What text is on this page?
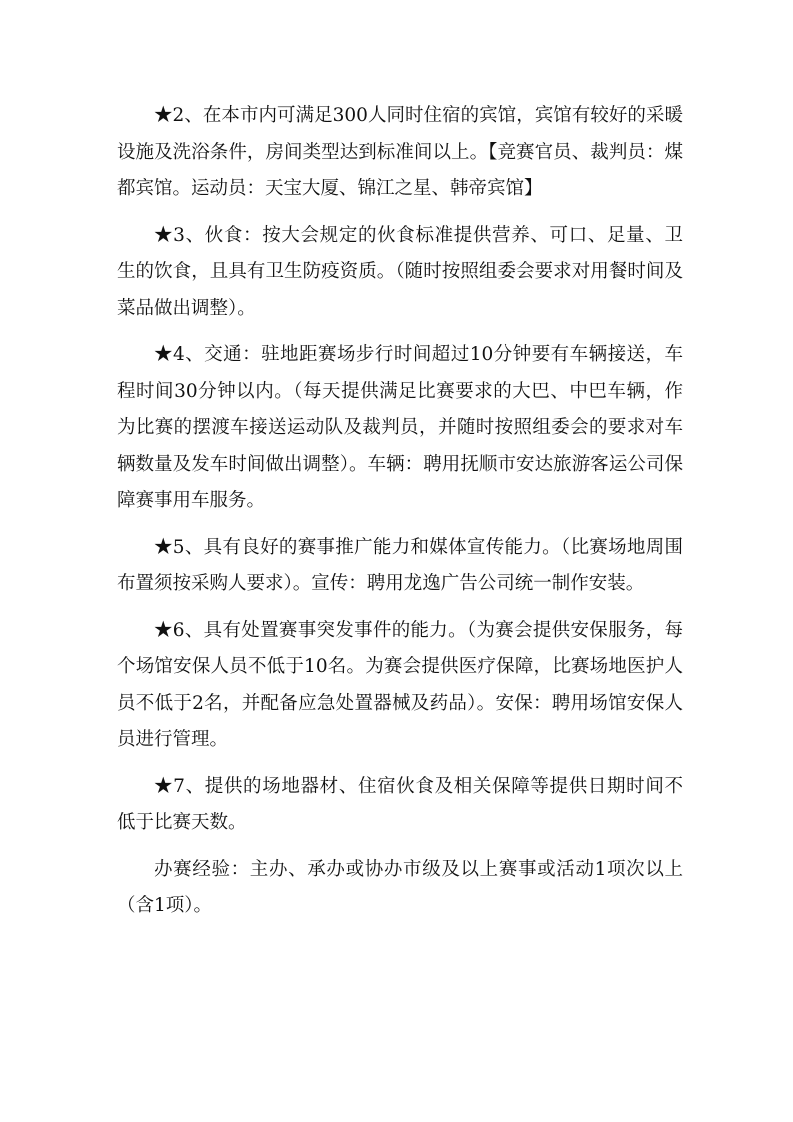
★2、在本市内可满足300人同时住宿的宾馆，宾馆有较好的采暖设施及洗浴条件，房间类型达到标准间以上。【竞赛官员、裁判员：煤都宾馆。运动员：天宝大厦、锦江之星、韩帝宾馆】

★3、伙食：按大会规定的伙食标准提供营养、可口、足量、卫生的饮食，且具有卫生防疫资质。（随时按照组委会要求对用餐时间及菜品做出调整）。

★4、交通：驻地距赛场步行时间超过10分钟要有车辆接送，车程时间30分钟以内。（每天提供满足比赛要求的大巴、中巴车辆，作为比赛的摆渡车接送运动队及裁判员，并随时按照组委会的要求对车辆数量及发车时间做出调整）。车辆：聘用抚顺市安达旅游客运公司保障赛事用车服务。

★5、具有良好的赛事推广能力和媒体宣传能力。（比赛场地周围布置须按采购人要求）。宣传：聘用龙逸广告公司统一制作安装。

★6、具有处置赛事突发事件的能力。（为赛会提供安保服务，每个场馆安保人员不低于10名。为赛会提供医疗保障，比赛场地医护人员不低于2名，并配备应急处置器械及药品）。安保：聘用场馆安保人员进行管理。

★7、提供的场地器材、住宿伙食及相关保障等提供日期时间不低于比赛天数。

办赛经验：主办、承办或协办市级及以上赛事或活动1项次以上（含1项）。
